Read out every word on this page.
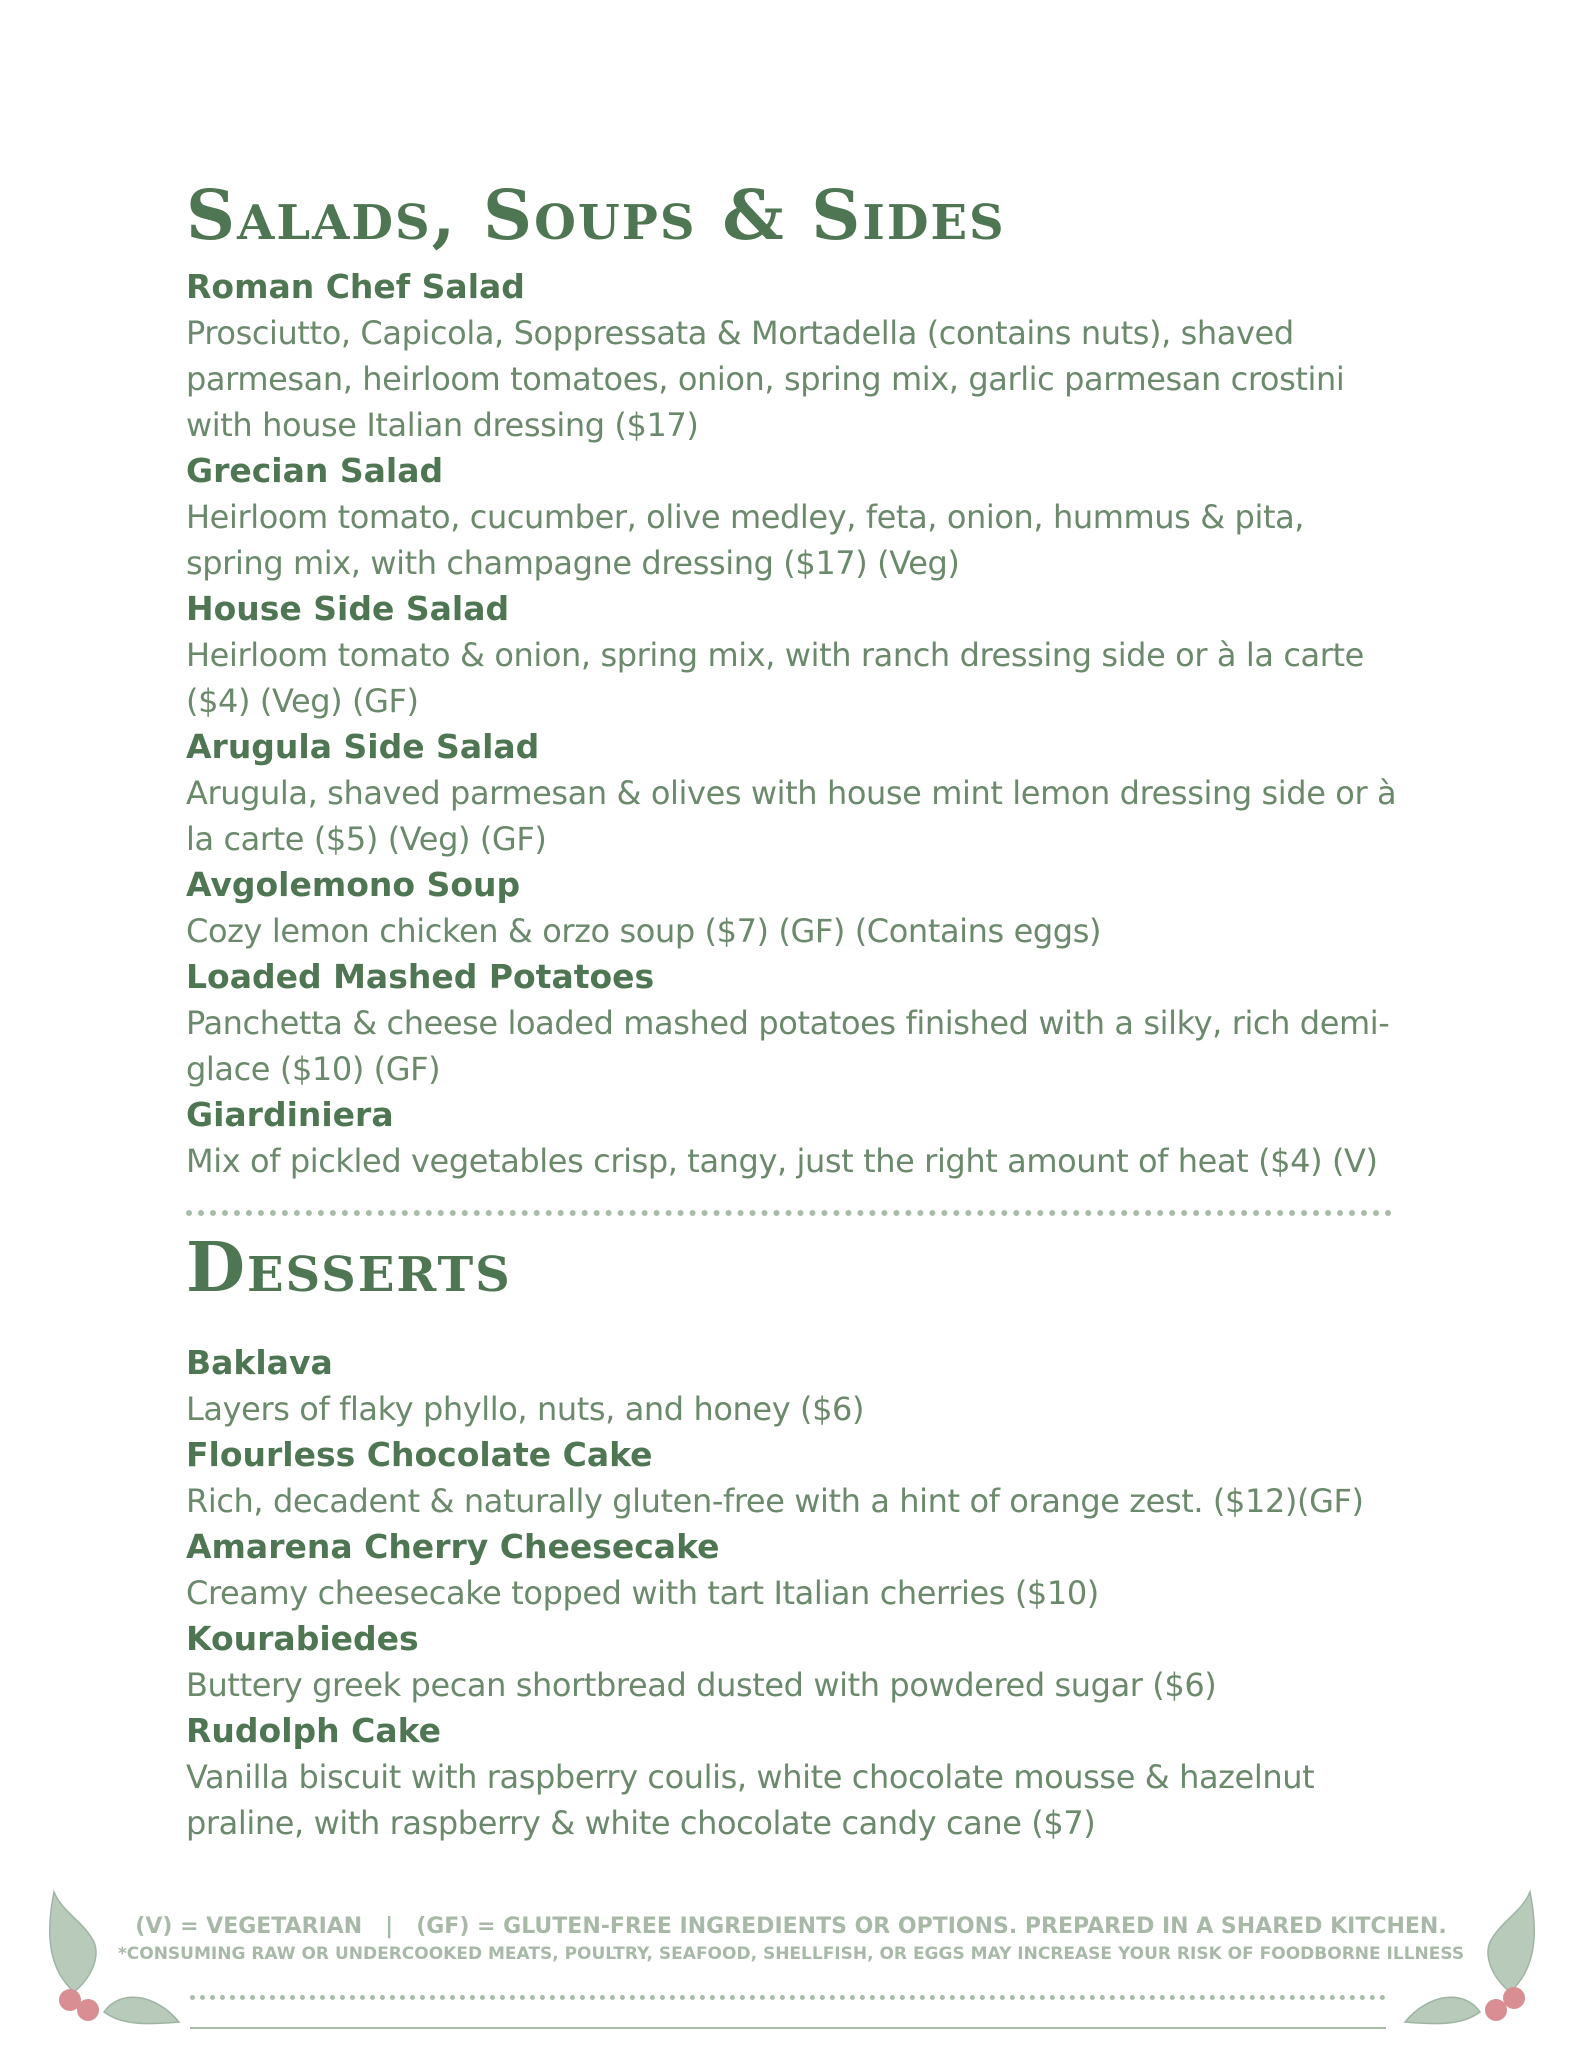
Salads, Soups & Sides

Roman Chef Salad

Prosciutto, Capicola, Soppressata & Mortadella (contains nuts), shaved parmesan, heirloom tomatoes, onion, spring mix, garlic parmesan crostini with house Italian dressing ($17)

Grecian Salad

Heirloom tomato, cucumber, olive medley, feta, onion, hummus & pita, spring mix, with champagne dressing ($17) (Veg)

House Side Salad

Heirloom tomato & onion, spring mix, with ranch dressing side or à la carte ($4) (Veg) (GF)

Arugula Side Salad

Arugula, shaved parmesan & olives with house mint lemon dressing side or à la carte ($5) (Veg) (GF)

Avgolemono Soup

Cozy lemon chicken & orzo soup ($7) (GF) (Contains eggs)

Loaded Mashed Potatoes

Panchetta & cheese loaded mashed potatoes finished with a silky, rich demi-glace ($10) (GF)

Giardiniera

Mix of pickled vegetables crisp, tangy, just the right amount of heat ($4) (V)

Desserts

Baklava

Layers of flaky phyllo, nuts, and honey ($6)

Flourless Chocolate Cake

Rich, decadent & naturally gluten-free with a hint of orange zest. ($12)(GF)

Amarena Cherry Cheesecake

Creamy cheesecake topped with tart Italian cherries ($10)

Kourabiedes

Buttery greek pecan shortbread dusted with powdered sugar ($6)

Rudolph Cake

Vanilla biscuit with raspberry coulis, white chocolate mousse & hazelnut praline, with raspberry & white chocolate candy cane ($7)

(V) = VEGETARIAN   |   (GF) = GLUTEN-FREE INGREDIENTS OR OPTIONS. PREPARED IN A SHARED KITCHEN.
*CONSUMING RAW OR UNDERCOOKED MEATS, POULTRY, SEAFOOD, SHELLFISH, OR EGGS MAY INCREASE YOUR RISK OF FOODBORNE ILLNESS
